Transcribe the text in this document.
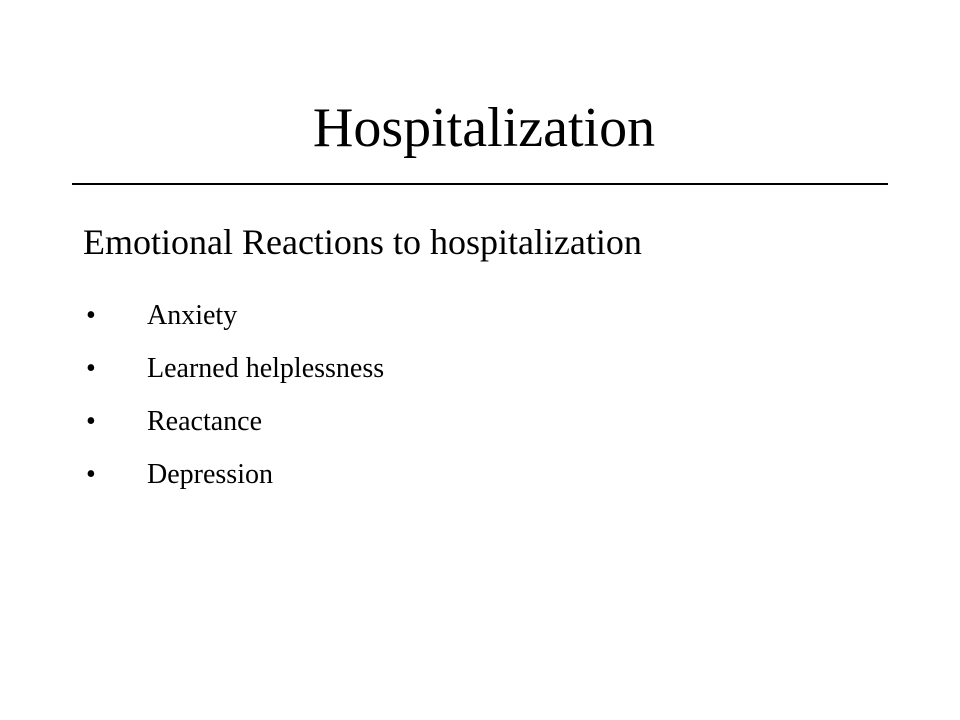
Hospitalization

Emotional Reactions to hospitalization

• Anxiety
• Learned helplessness
• Reactance
• Depression
